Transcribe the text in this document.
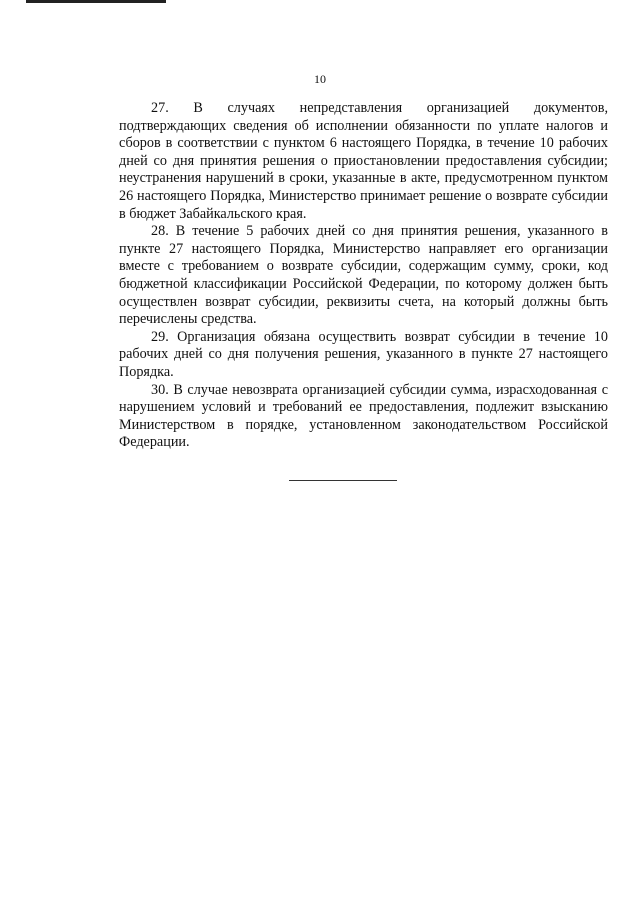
10

27. В случаях непредставления организацией документов, подтверждающих сведения об исполнении обязанности по уплате налогов и сборов в соответствии с пунктом 6 настоящего Порядка, в течение 10 рабочих дней со дня принятия решения о приостановлении предоставления субсидии; неустранения нарушений в сроки, указанные в акте, предусмотренном пунктом 26 настоящего Порядка, Министерство принимает решение о возврате субсидии в бюджет Забайкальского края.

28. В течение 5 рабочих дней со дня принятия решения, указанного в пункте 27 настоящего Порядка, Министерство направляет его организации вместе с требованием о возврате субсидии, содержащим сумму, сроки, код бюджетной классификации Российской Федерации, по которому должен быть осуществлен возврат субсидии, реквизиты счета, на который должны быть перечислены средства.

29. Организация обязана осуществить возврат субсидии в течение 10 рабочих дней со дня получения решения, указанного в пункте 27 настоящего Порядка.

30. В случае невозврата организацией субсидии сумма, израсходованная с нарушением условий и требований ее предоставления, подлежит взысканию Министерством в порядке, установленном законодательством Российской Федерации.
